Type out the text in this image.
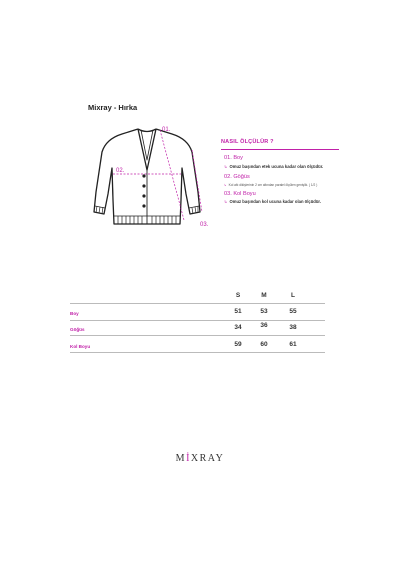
Mixray - Hırka
01.
02.
03.
NASIL ÖLÇÜLÜR ?
01. Boy
↳ Omuz başından etek ucuna kadar olan ölçüdür.
02. Göğüs
↳ Kol altı dikişlerinin 2 cm altından paralel ölçülen genişlik. ( 1/2 )
03. Kol Boyu
↳ Omuz başından kol ucuna kadar olan ölçüdür.
S	M	L
Boy	51	53	55
Göğüs	34	36	38
Kol Boyu	59	60	61
MİXRAY
